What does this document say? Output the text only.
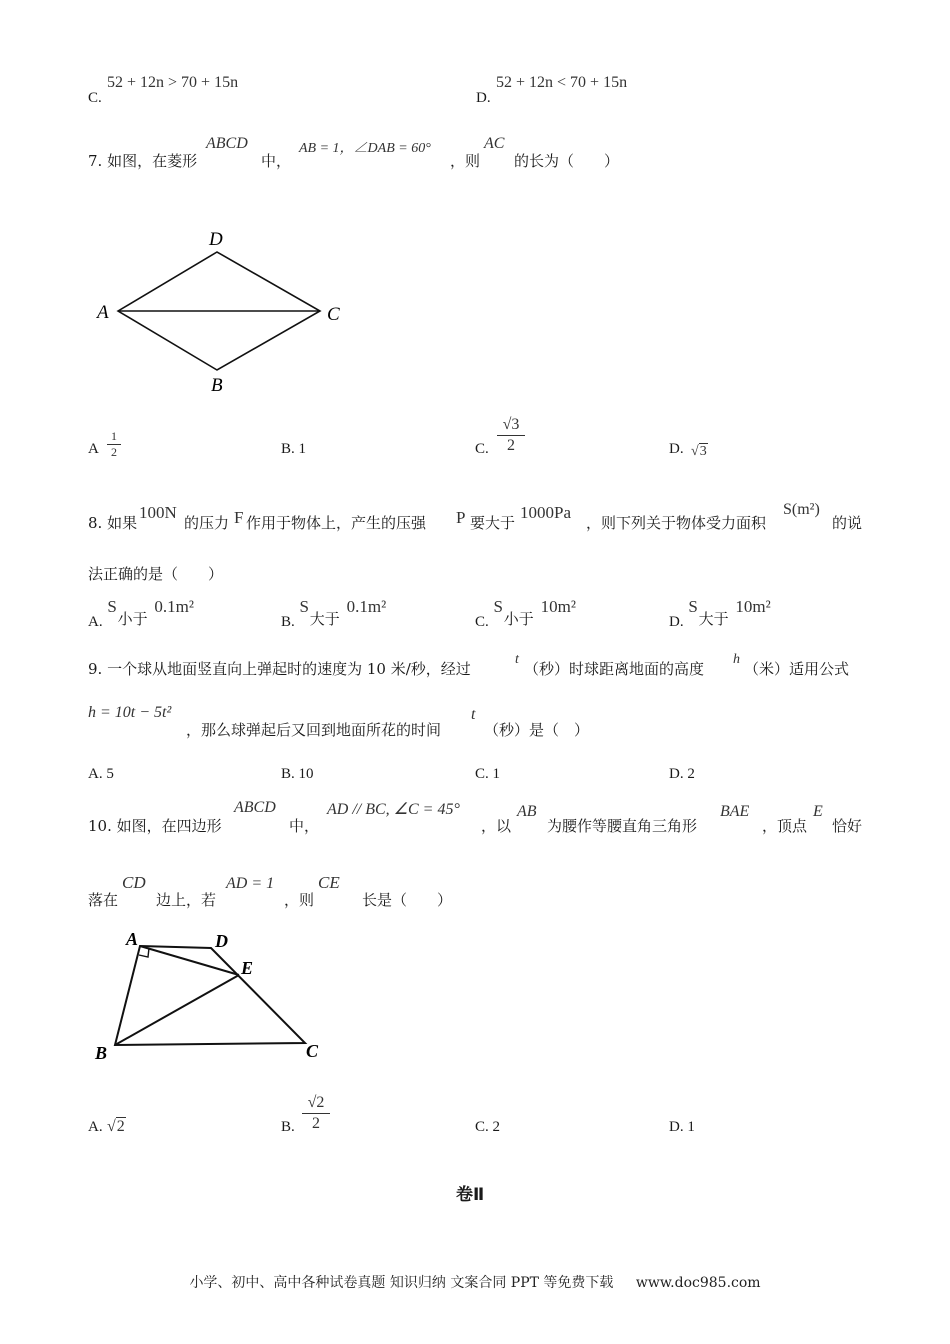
C.
52 + 12n > 70 + 15n
D.
52 + 12n < 70 + 15n
7. 如图，在菱形
ABCD
中，
AB = 1，∠DAB = 60°
，则
AC
的长为（　　）
D
A	C
B
A
1
2	B. 1	C.
√3
2	D. √3
8. 如果
100N
的压力 F 作用于物体上，产生的压强 P 要大于
1000Pa
，则下列关于物体受力面积
S(m²)
的说
法正确的是（　　）
A. S 小于 0.1m²
B. S 大于 0.1m²
C. S 小于 10m²
D. S 大于 10m²
9. 一个球从地面竖直向上弹起时的速度为 10 米/秒，经过
t
（秒）时球距离地面的高度
h
（米）适用公式
h = 10t − 5t²
，那么球弹起后又回到地面所花的时间
t
（秒）是（　）
A. 5	B. 10	C. 1	D. 2
10. 如图，在四边形
ABCD
中，
AD // BC, ∠C = 45°
，以
AB
为腰作等腰直角三角形
BAE
，顶点
E
恰好
落在
CD
边上，若
AD = 1
，则
CE
长是（　　）
A	D
E
B	C
A. √2	B.
√2
2	C. 2	D. 1
卷Ⅱ
小学、初中、高中各种试卷真题 知识归纳 文案合同 PPT 等免费下载 www.doc985.com
